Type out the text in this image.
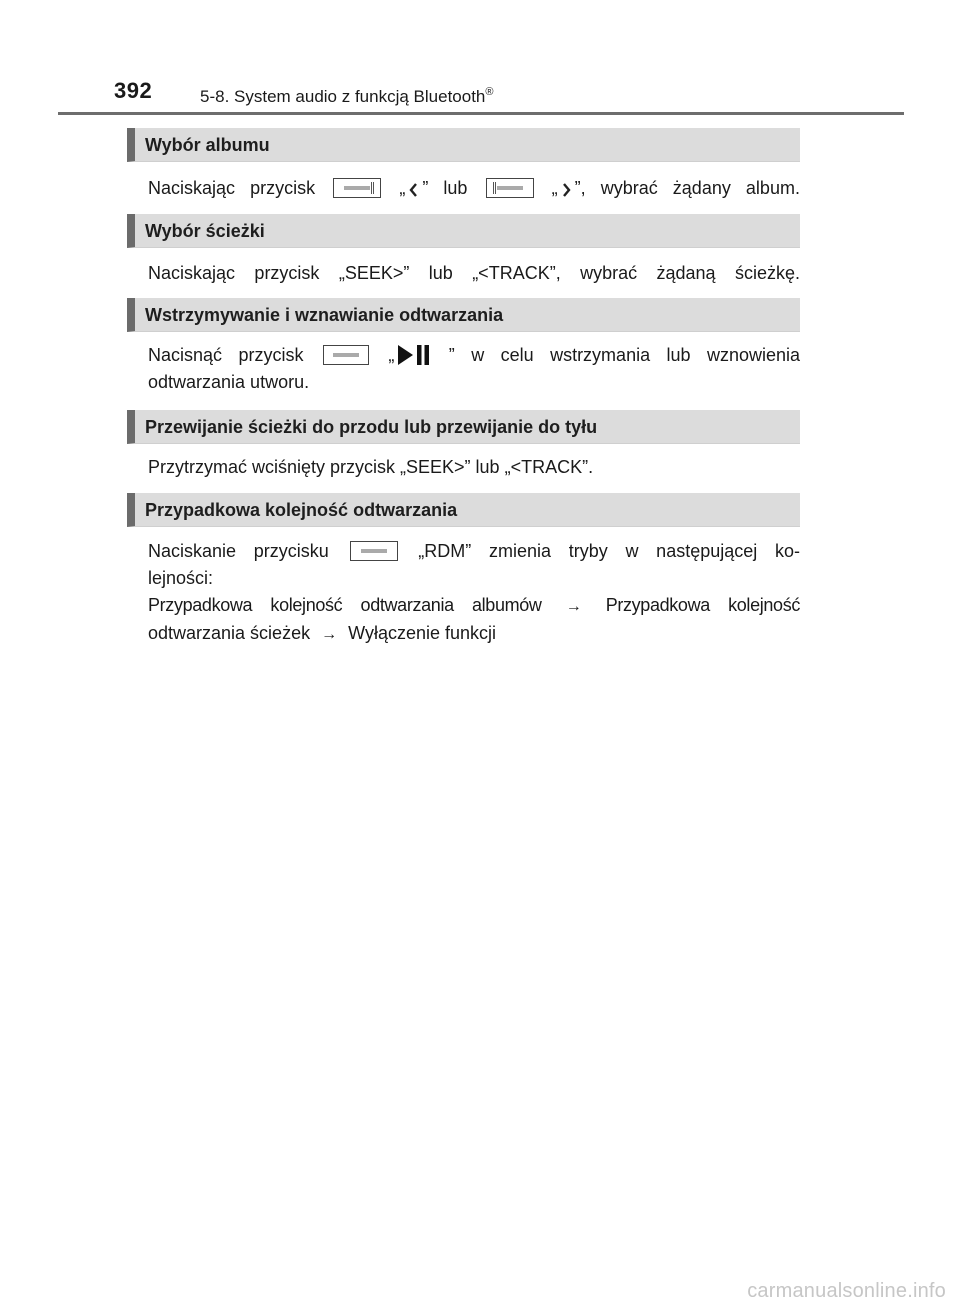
392	5-8. System audio z funkcją Bluetooth®
Wybór albumu
Naciskając przycisk	„ ” lub	„ ”, wybrać żądany album.
Wybór ścieżki
Naciskając przycisk „SEEK>” lub „<TRACK”, wybrać żądaną ścieżkę.
Wstrzymywanie i wznawianie odtwarzania
Nacisnąć przycisk	„	” w celu wstrzymania lub wznowienia
odtwarzania utworu.
Przewijanie ścieżki do przodu lub przewijanie do tyłu
Przytrzymać wciśnięty przycisk „SEEK>” lub „<TRACK”.
Przypadkowa kolejność odtwarzania
Naciskanie przycisku	„RDM” zmienia tryby w następującej ko-
lejności:
Przypadkowa kolejność odtwarzania albumów → Przypadkowa kolejność
odtwarzania ścieżek → Wyłączenie funkcji
carmanualsonline.info
